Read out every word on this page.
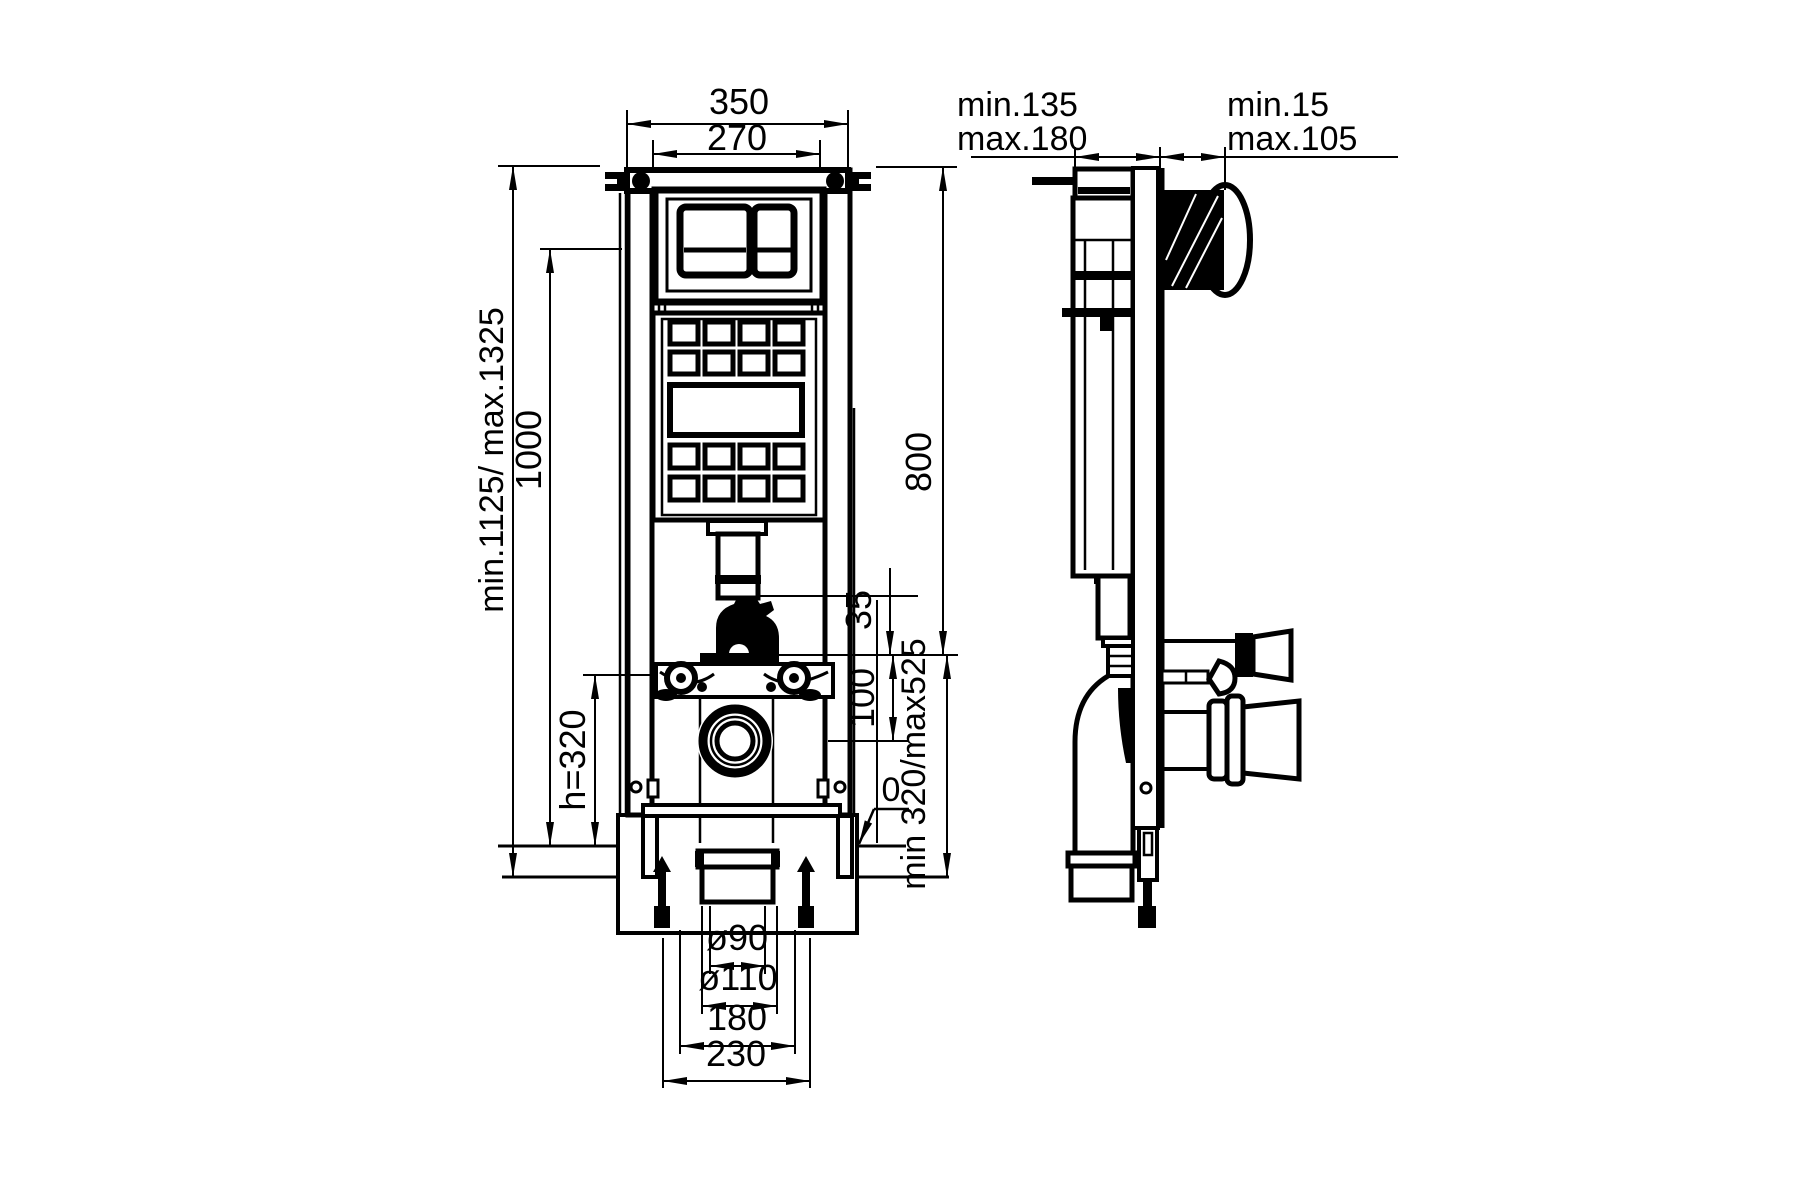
350
270
min.1125/ max.1325
1000
h=320
800
35
100 min 320/max525
0
ø90
ø110
180
230
min.135
max.180
min.15
max.105
